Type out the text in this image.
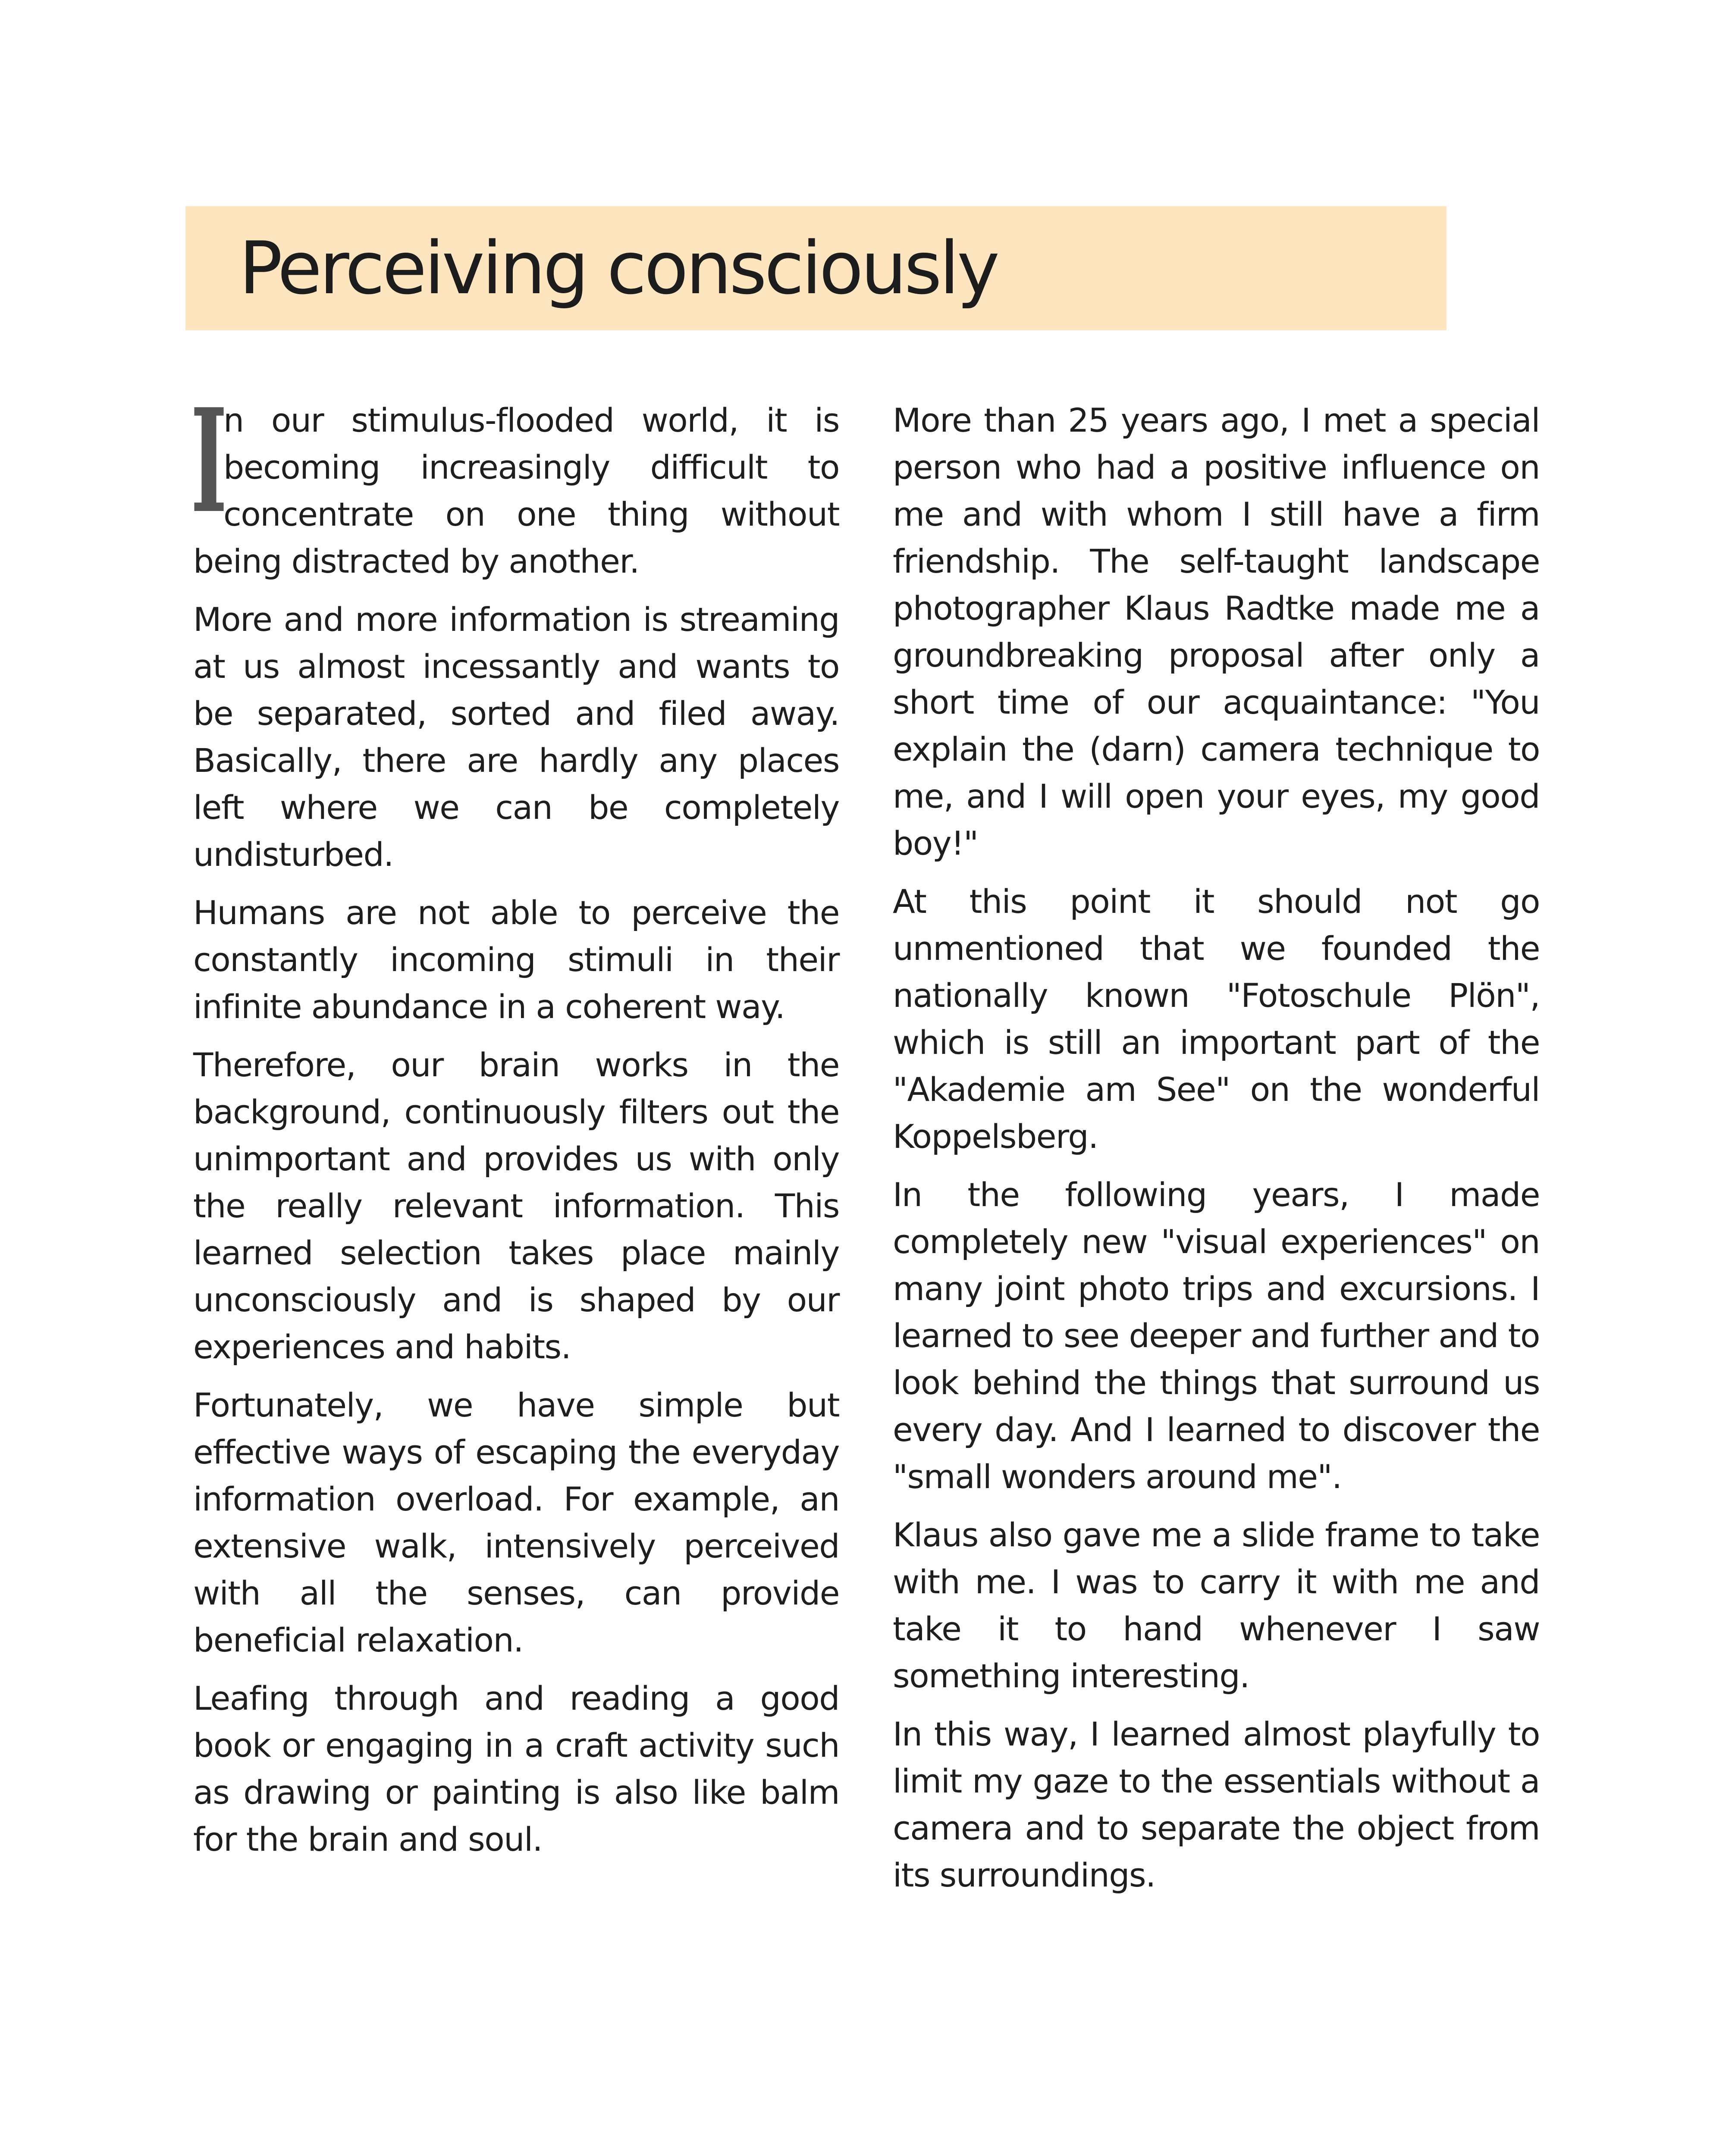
Perceiving consciously

I
n our stimulus-flooded world, it is becoming increasingly difficult to concentrate on one thing without being distracted by another.

More and more information is streaming at us almost incessantly and wants to be separated, sorted and filed away. Basically, there are hardly any places left where we can be completely undisturbed.

Humans are not able to perceive the constantly incoming stimuli in their infinite abundance in a coherent way.

Therefore, our brain works in the background, continuously filters out the unimportant and provides us with only the really relevant information. This learned selection takes place mainly unconsciously and is shaped by our experiences and habits.

Fortunately, we have simple but effective ways of escaping the everyday information overload. For example, an extensive walk, intensively perceived with all the senses, can provide beneficial relaxation.

Leafing through and reading a good book or engaging in a craft activity such as drawing or painting is also like balm for the brain and soul.

More than 25 years ago, I met a special person who had a positive influence on me and with whom I still have a firm friendship. The self-taught landscape photographer Klaus Radtke made me a groundbreaking proposal after only a short time of our acquaintance: "You explain the (darn) camera technique to me, and I will open your eyes, my good boy!"

At this point it should not go unmentioned that we founded the nationally known "Fotoschule Plön", which is still an important part of the "Akademie am See" on the wonderful Koppelsberg.

In the following years, I made completely new "visual experiences" on many joint photo trips and excursions. I learned to see deeper and further and to look behind the things that surround us every day. And I learned to discover the "small wonders around me".

Klaus also gave me a slide frame to take with me. I was to carry it with me and take it to hand whenever I saw something interesting.

In this way, I learned almost playfully to limit my gaze to the essentials without a camera and to separate the object from its surroundings.
